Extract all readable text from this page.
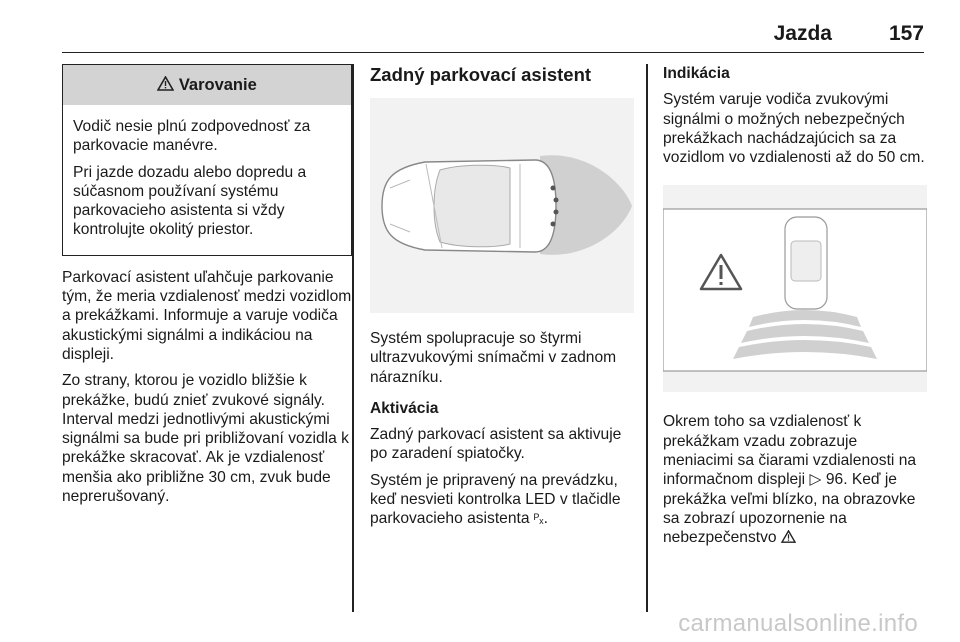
Jazda	157
Varovanie

Vodič nesie plnú zodpovednosť za parkovacie manévre.

Pri jazde dozadu alebo dopredu a súčasnom používaní systému parkovacieho asistenta si vždy kontrolujte okolitý priestor.

Parkovací asistent uľahčuje parkovanie tým, že meria vzdialenosť medzi vozidlom a prekážkami. Informuje a varuje vodiča akustickými signálmi a indikáciou na displeji.

Zo strany, ktorou je vozidlo bližšie k prekážke, budú znieť zvukové signály. Interval medzi jednotlivými akustickými signálmi sa bude pri približovaní vozidla k prekážke skracovať. Ak je vzdialenosť menšia ako približne 30 cm, zvuk bude neprerušovaný.

Zadný parkovací asistent

Systém spolupracuje so štyrmi ultrazvukovými snímačmi v zadnom nárazníku.

Aktivácia

Zadný parkovací asistent sa aktivuje po zaradení spiatočky.

Systém je pripravený na prevádzku, keď nesvieti kontrolka LED v tlačidle parkovacieho asistenta ᴾₓ.

Indikácia

Systém varuje vodiča zvukovými signálmi o možných nebezpečných prekážkach nachádzajúcich sa za vozidlom vo vzdialenosti až do 50 cm.

Okrem toho sa vzdialenosť k prekážkam vzadu zobrazuje meniacimi sa čiarami vzdialenosti na informačnom displeji ▷ 96. Keď je prekážka veľmi blízko, na obrazovke sa zobrazí upozornenie na nebezpečenstvo

carmanualsonline.info
